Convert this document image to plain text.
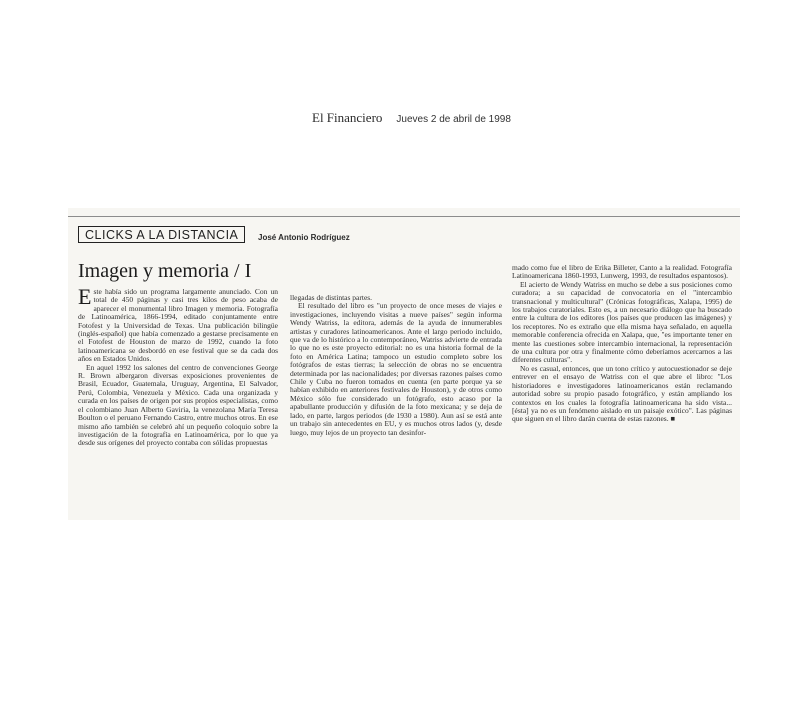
El Financiero Jueves 2 de abril de 1998
CLICKS A LA DISTANCIA	José Antonio Rodríguez
Imagen y memoria / I

Este había sido un programa largamente anunciado. Con un total de 450 páginas y casi tres kilos de peso acaba de aparecer el monumental libro Imagen y memoria. Fotografía de Latinoamérica, 1866-1994, editado conjuntamente entre Fotofest y la Universidad de Texas. Una publicación bilingüe (inglés-español) que había comenzado a gestarse precisamente en el Fotofest de Houston de marzo de 1992, cuando la foto latinoamericana se desbordó en ese festival que se da cada dos años en Estados Unidos.

En aquel 1992 los salones del centro de convenciones George R. Brown albergaron diversas exposiciones provenientes de Brasil, Ecuador, Guatemala, Uruguay, Argentina, El Salvador, Perú, Colombia, Venezuela y México. Cada una organizada y curada en los países de origen por sus propios especialistas, como el colombiano Juan Alberto Gaviria, la venezolana María Teresa Boulton o el peruano Fernando Castro, entre muchos otros. En ese mismo año también se celebró ahí un pequeño coloquio sobre la investigación de la fotografía en Latinoamérica, por lo que ya desde sus orígenes del proyecto contaba con sólidas propuestas

llegadas de distintas partes.

El resultado del libro es "un proyecto de once meses de viajes e investigaciones, incluyendo visitas a nueve países" según informa Wendy Watriss, la editora, además de la ayuda de innumerables artistas y curadores latinoamericanos. Ante el largo periodo incluido, que va de lo histórico a lo contemporáneo, Watriss advierte de entrada lo que no es este proyecto editorial: no es una historia formal de la foto en América Latina; tampoco un estudio completo sobre los fotógrafos de estas tierras; la selección de obras no se encuentra determinada por las nacionalidades; por diversas razones países como Chile y Cuba no fueron tomados en cuenta (en parte porque ya se habían exhibido en anteriores festivales de Houston), y de otros como México sólo fue considerado un fotógrafo, esto acaso por la apabullante producción y difusión de la foto mexicana; y se deja de lado, en parte, largos periodos (de 1930 a 1980). Aun así se está ante un trabajo sin antecedentes en EU, y es muchos otros lados (y, desde luego, muy lejos de un proyecto tan desinfor-

mado como fue el libro de Erika Billeter, Canto a la realidad. Fotografía Latinoamericana 1860-1993, Lunwerg, 1993, de resultados espantosos).

El acierto de Wendy Watriss en mucho se debe a sus posiciones como curadora; a su capacidad de convocatoria en el "intercambio transnacional y multicultural" (Crónicas fotográficas, Xalapa, 1995) de los trabajos curatoriales. Esto es, a un necesario diálogo que ha buscado entre la cultura de los editores (los países que producen las imágenes) y los receptores. No es extraño que ella misma haya señalado, en aquella memorable conferencia ofrecida en Xalapa, que, "es importante tener en mente las cuestiones sobre intercambio internacional, la representación de una cultura por otra y finalmente cómo deberíamos acercarnos a las diferentes culturas".

No es casual, entonces, que un tono crítico y autocuestionador se deje entrever en el ensayo de Watriss con el que abre el libro: "Los historiadores e investigadores latinoamericanos están reclamando autoridad sobre su propio pasado fotográfico, y están ampliando los contextos en los cuales la fotografía latinoamericana ha sido vista... [ésta] ya no es un fenómeno aislado en un paisaje exótico". Las páginas que siguen en el libro darán cuenta de estas razones. ■
